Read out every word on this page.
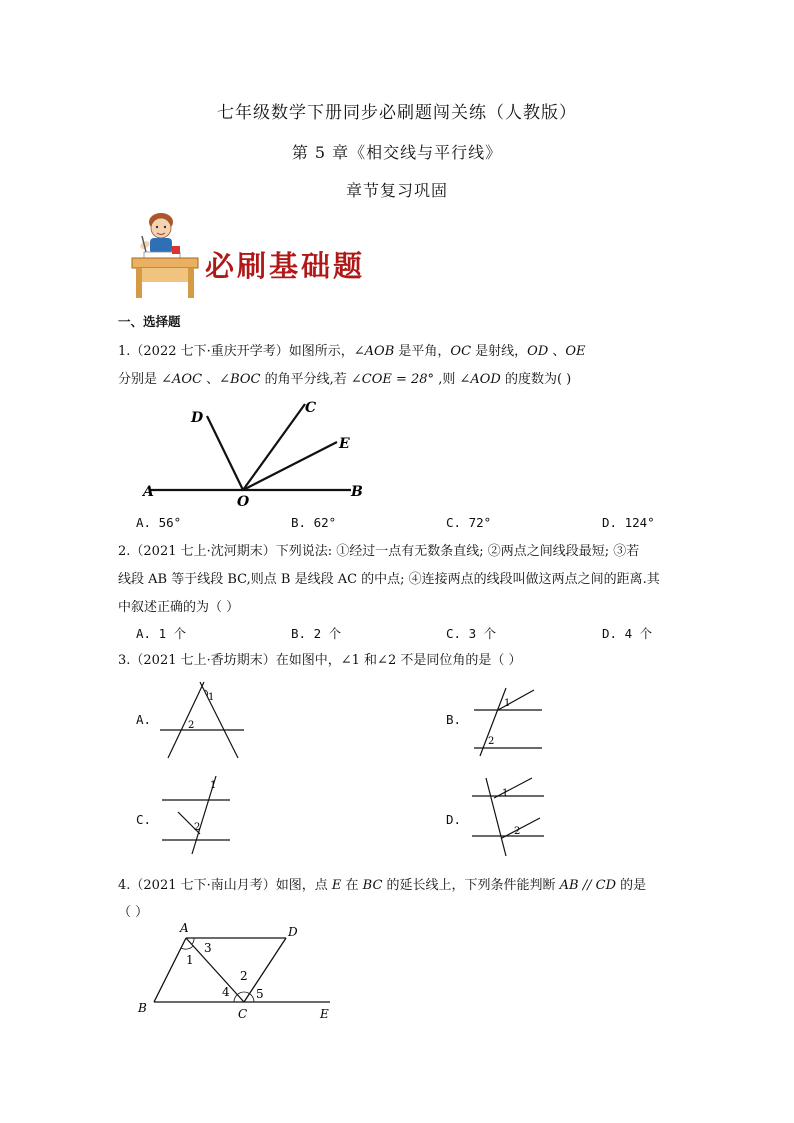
七年级数学下册同步必刷题闯关练（人教版）
第 5 章《相交线与平行线》
章节复习巩固
必刷基础题
一、选择题
1.（2022 七下·重庆开学考）如图所示，∠AOB 是平角，OC 是射线，OD 、OE
分别是 ∠AOC 、∠BOC 的角平分线,若 ∠COE = 28° ,则 ∠AOD 的度数为( )
A
O
B
C
D
E
A. 56°	B. 62°	C. 72°	D. 124°
2.（2021 七上·沈河期末）下列说法: ①经过一点有无数条直线; ②两点之间线段最短; ③若
线段 AB 等于线段 BC,则点 B 是线段 AC 的中点; ④连接两点的线段叫做这两点之间的距离.其
中叙述正确的为（ ）
A. 1 个	B. 2 个	C. 3 个	D. 4 个
3.（2021 七上·香坊期末）在如图中，∠1 和∠2 不是同位角的是（ ）
A.
1
2	B.
1
2
C.
1
2
D.
1
2
4.（2021 七下·南山月考）如图，点 E 在 BC 的延长线上，下列条件能判断 AB // CD 的是
（ ）
A	D
B	C	E
1
2
3
4 5
